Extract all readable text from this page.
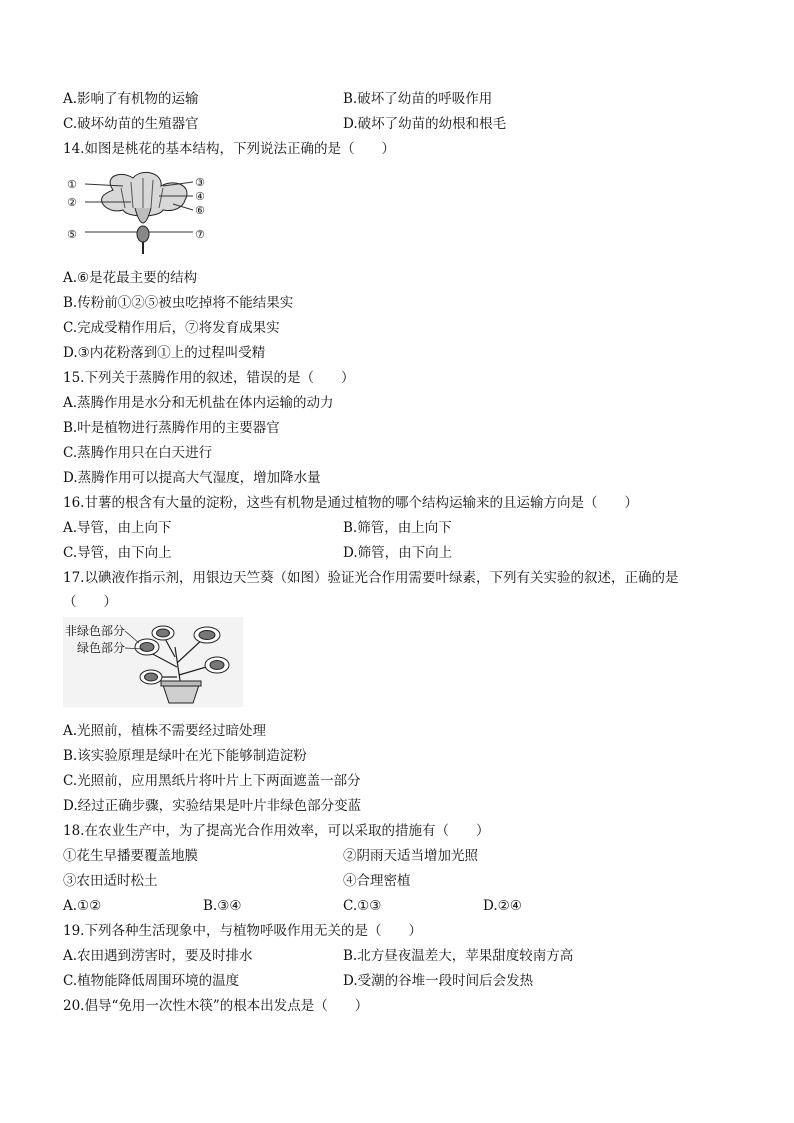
A.影响了有机物的运输	B.破坏了幼苗的呼吸作用
C.破坏幼苗的生殖器官	D.破坏了幼苗的幼根和根毛
14.如图是桃花的基本结构，下列说法正确的是（　　）
①
②
③
④
⑤
⑥
⑦
A.⑥是花最主要的结构
B.传粉前①②⑤被虫吃掉将不能结果实
C.完成受精作用后，⑦将发育成果实
D.③内花粉落到①上的过程叫受精
15.下列关于蒸腾作用的叙述，错误的是（　　）
A.蒸腾作用是水分和无机盐在体内运输的动力
B.叶是植物进行蒸腾作用的主要器官
C.蒸腾作用只在白天进行
D.蒸腾作用可以提高大气湿度，增加降水量
16.甘薯的根含有大量的淀粉，这些有机物是通过植物的哪个结构运输来的且运输方向是（　　）
A.导管，由上向下	B.筛管，由上向下
C.导管，由下向上	D.筛管，由下向上
17.以碘液作指示剂，用银边天竺葵（如图）验证光合作用需要叶绿素，下列有关实验的叙述，正确的是
（　　）
非绿色部分
绿色部分
A.光照前，植株不需要经过暗处理
B.该实验原理是绿叶在光下能够制造淀粉
C.光照前，应用黑纸片将叶片上下两面遮盖一部分
D.经过正确步骤，实验结果是叶片非绿色部分变蓝
18.在农业生产中，为了提高光合作用效率，可以采取的措施有（　　）
①花生早播要覆盖地膜	②阴雨天适当增加光照
③农田适时松土	④合理密植
A.①②	B.③④	C.①③	D.②④
19.下列各种生活现象中，与植物呼吸作用无关的是（　　）
A.农田遇到涝害时，要及时排水	B.北方昼夜温差大，苹果甜度较南方高
C.植物能降低周围环境的温度	D.受潮的谷堆一段时间后会发热
20.倡导“免用一次性木筷”的根本出发点是（　　）
